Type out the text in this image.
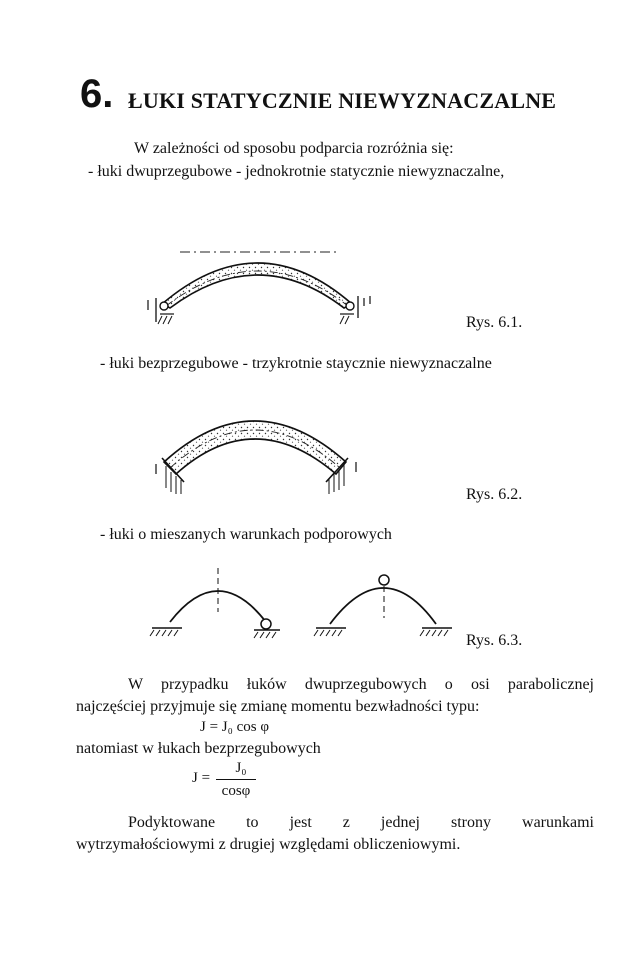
6. ŁUKI STATYCZNIE NIEWYZNACZALNE
W zależności od sposobu podparcia rozróżnia się:
- łuki dwuprzegubowe - jednokrotnie statycznie niewyznaczalne,
Rys. 6.1.
- łuki bezprzegubowe - trzykrotnie staycznie niewyznaczalne
Rys. 6.2.
- łuki o mieszanych warunkach podporowych
Rys. 6.3.
W przypadku łuków dwuprzegubowych o osi parabolicznej
najczęściej przyjmuje się zmianę momentu bezwładności typu:
J = J₀ cos φ
natomiast w łukach bezprzegubowych
J =
J₀
cosφ
Podyktowane to jest z jednej strony warunkami
wytrzymałościowymi z drugiej względami obliczeniowymi.
